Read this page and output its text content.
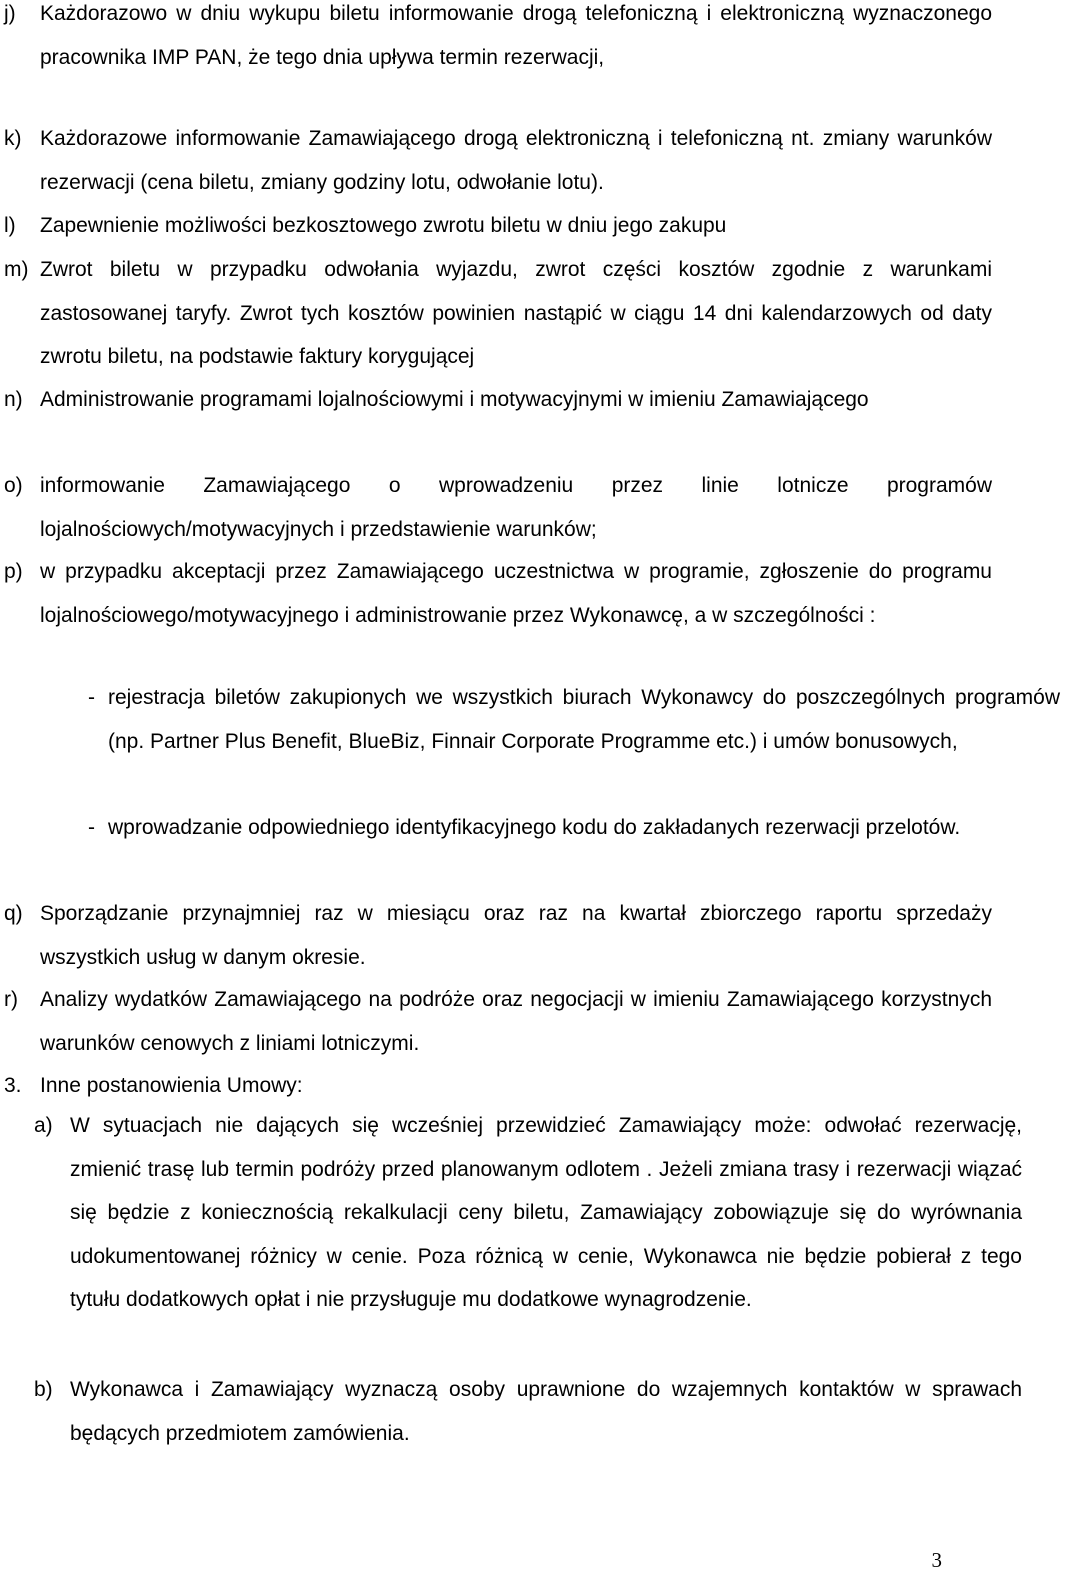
j) Każdorazowo w dniu wykupu biletu informowanie drogą telefoniczną i elektroniczną wyznaczonego pracownika IMP PAN, że tego dnia upływa termin rezerwacji,
k) Każdorazowe informowanie Zamawiającego drogą elektroniczną i telefoniczną nt. zmiany warunków rezerwacji (cena biletu, zmiany godziny lotu, odwołanie lotu).
l) Zapewnienie możliwości bezkosztowego zwrotu biletu w dniu jego zakupu
m) Zwrot biletu w przypadku odwołania wyjazdu, zwrot części kosztów zgodnie z warunkami zastosowanej taryfy. Zwrot tych kosztów powinien nastąpić w ciągu 14 dni kalendarzowych od daty zwrotu biletu, na podstawie faktury korygującej
n) Administrowanie programami lojalnościowymi i motywacyjnymi w imieniu Zamawiającego
o) informowanie Zamawiającego o wprowadzeniu przez linie lotnicze programów lojalnościowych/motywacyjnych i przedstawienie warunków;
p) w przypadku akceptacji przez Zamawiającego uczestnictwa w programie, zgłoszenie do programu lojalnościowego/motywacyjnego i administrowanie przez Wykonawcę, a w szczególności :
- rejestracja biletów zakupionych we wszystkich biurach Wykonawcy do poszczególnych programów (np. Partner Plus Benefit, BlueBiz, Finnair Corporate Programme etc.) i umów bonusowych,
- wprowadzanie odpowiedniego identyfikacyjnego kodu do zakładanych rezerwacji przelotów.
q) Sporządzanie przynajmniej raz w miesiącu oraz raz na kwartał zbiorczego raportu sprzedaży wszystkich usług w danym okresie.
r) Analizy wydatków Zamawiającego na podróże oraz negocjacji w imieniu Zamawiającego korzystnych warunków cenowych z liniami lotniczymi.
3. Inne postanowienia Umowy:
a) W sytuacjach nie dających się wcześniej przewidzieć Zamawiający może: odwołać rezerwację, zmienić trasę lub termin podróży przed planowanym odlotem . Jeżeli zmiana trasy i rezerwacji wiązać się będzie z koniecznością rekalkulacji ceny biletu, Zamawiający zobowiązuje się do wyrównania udokumentowanej różnicy w cenie. Poza różnicą w cenie, Wykonawca nie będzie pobierał z tego tytułu dodatkowych opłat i nie przysługuje mu dodatkowe wynagrodzenie.
b) Wykonawca i Zamawiający wyznaczą osoby uprawnione do wzajemnych kontaktów w sprawach będących przedmiotem zamówienia.
3
